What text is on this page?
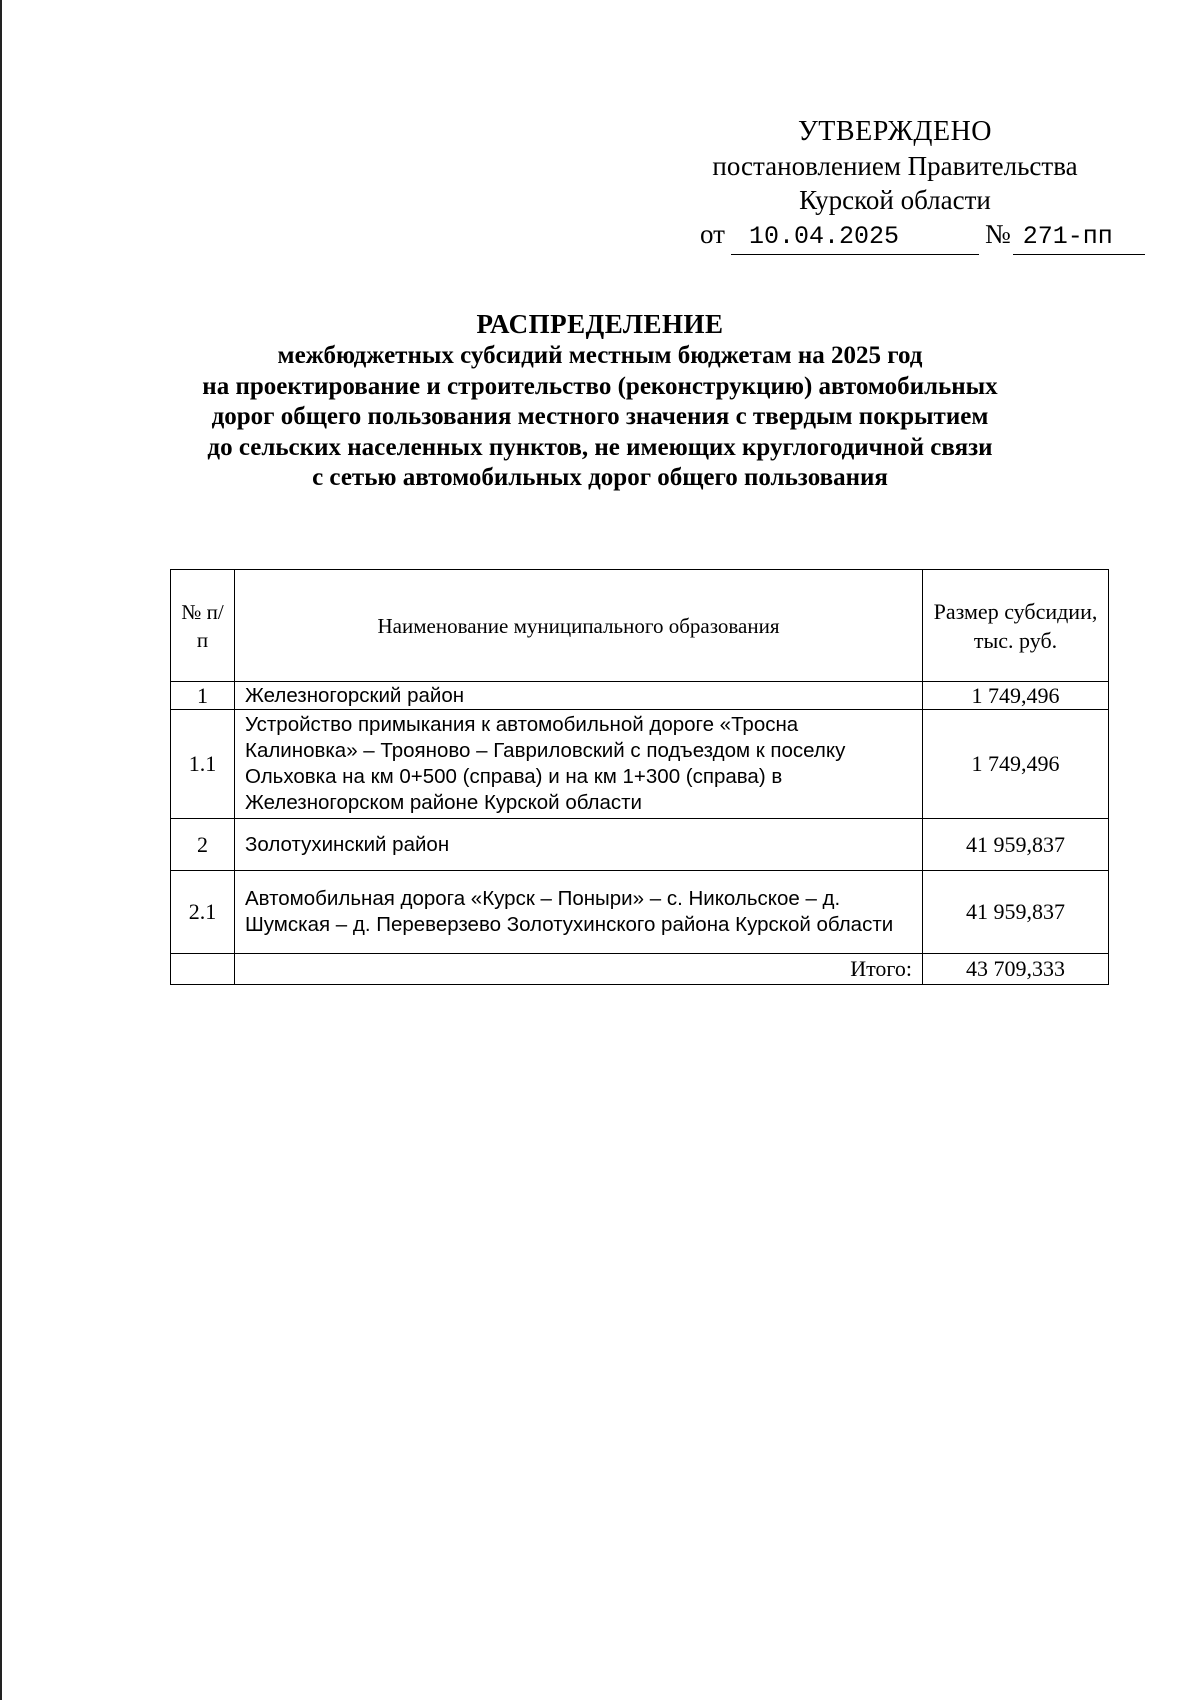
УТВЕРЖДЕНО
постановлением Правительства
Курской области
от 10.04.2025	№ 271-пп
РАСПРЕДЕЛЕНИЕ
межбюджетных субсидий местным бюджетам на 2025 год
на проектирование и строительство (реконструкцию) автомобильных
дорог общего пользования местного значения с твердым покрытием
до сельских населенных пунктов, не имеющих круглогодичной связи
с сетью автомобильных дорог общего пользования
№ п/п	Наименование муниципального образования	Размер субсидии, тыс. руб.
1	Железногорский район	1 749,496
1.1	Устройство примыкания к автомобильной дороге «Тросна Калиновка» – Трояново – Гавриловский с подъездом к поселку Ольховка на км 0+500 (справа) и на км 1+300 (справа) в Железногорском районе Курской области	1 749,496
2	Золотухинский район	41 959,837
2.1	Автомобильная дорога «Курск – Поныри» – с. Никольское – д. Шумская – д. Переверзево Золотухинского района Курской области	41 959,837
	Итого:	43 709,333
